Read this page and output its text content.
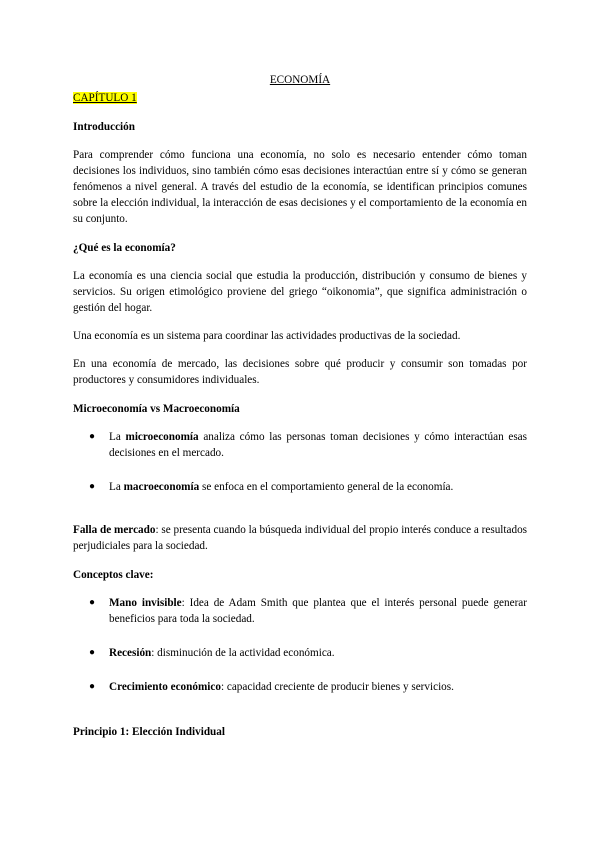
ECONOMÍA

CAPÍTULO 1

Introducción

Para comprender cómo funciona una economía, no solo es necesario entender cómo toman decisiones los individuos, sino también cómo esas decisiones interactúan entre sí y cómo se generan fenómenos a nivel general. A través del estudio de la economía, se identifican principios comunes sobre la elección individual, la interacción de esas decisiones y el comportamiento de la economía en su conjunto.

¿Qué es la economía?

La economía es una ciencia social que estudia la producción, distribución y consumo de bienes y servicios. Su origen etimológico proviene del griego “oikonomia”, que significa administración o gestión del hogar.

Una economía es un sistema para coordinar las actividades productivas de la sociedad.

En una economía de mercado, las decisiones sobre qué producir y consumir son tomadas por productores y consumidores individuales.

Microeconomía vs Macroeconomía

● La microeconomía analiza cómo las personas toman decisiones y cómo interactúan esas decisiones en el mercado.
● La macroeconomía se enfoca en el comportamiento general de la economía.

Falla de mercado: se presenta cuando la búsqueda individual del propio interés conduce a resultados perjudiciales para la sociedad.

Conceptos clave:

● Mano invisible: Idea de Adam Smith que plantea que el interés personal puede generar beneficios para toda la sociedad.
● Recesión: disminución de la actividad económica.
● Crecimiento económico: capacidad creciente de producir bienes y servicios.

Principio 1: Elección Individual
